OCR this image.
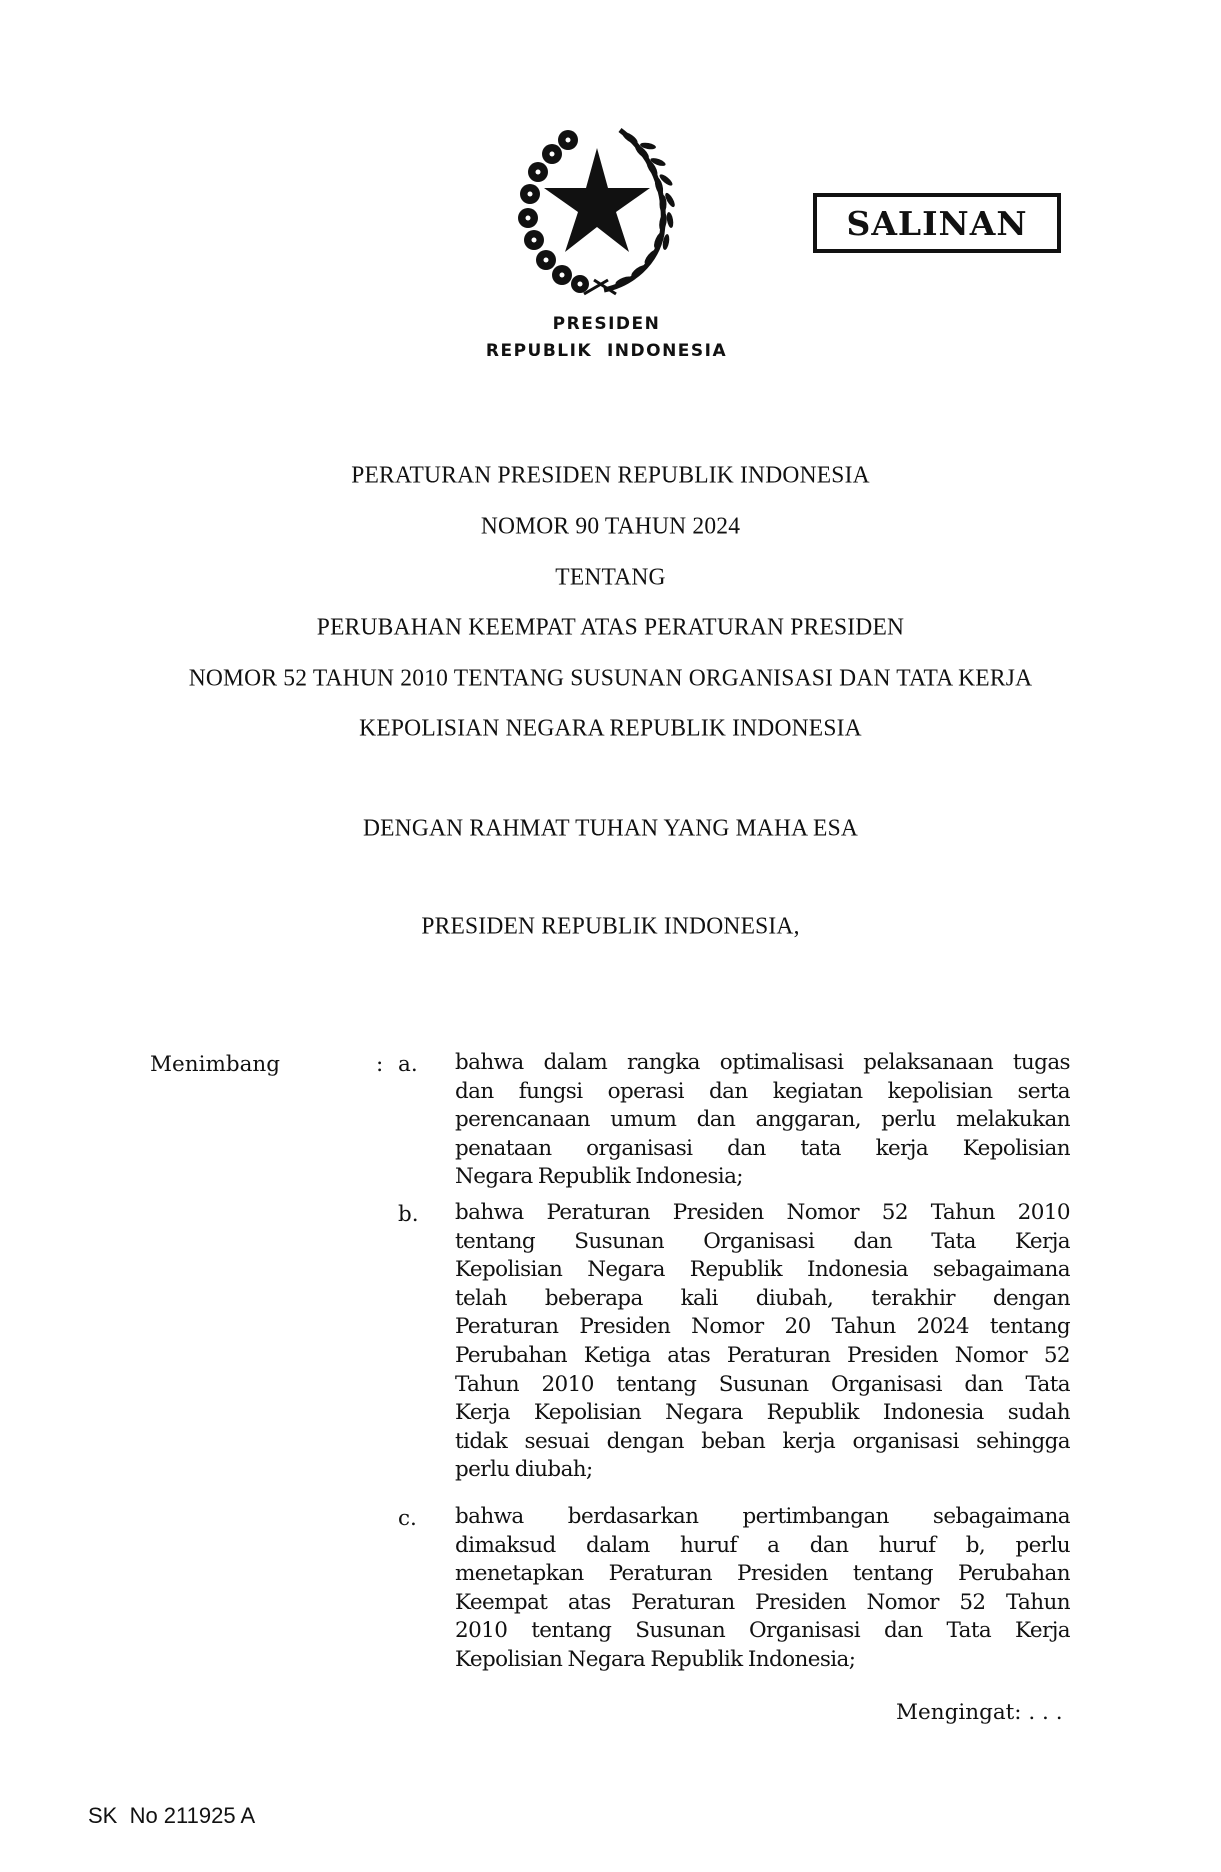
SALINAN
PRESIDEN
REPUBLIK  INDONESIA
PERATURAN PRESIDEN REPUBLIK INDONESIA
NOMOR 90 TAHUN 2024
TENTANG
PERUBAHAN KEEMPAT ATAS PERATURAN PRESIDEN
NOMOR 52 TAHUN 2010 TENTANG SUSUNAN ORGANISASI DAN TATA KERJA
KEPOLISIAN NEGARA REPUBLIK INDONESIA
DENGAN RAHMAT TUHAN YANG MAHA ESA
PRESIDEN REPUBLIK INDONESIA,
Menimbang	: a. bahwa dalam rangka optimalisasi pelaksanaan tugas
dan fungsi operasi dan kegiatan kepolisian serta
perencanaan umum dan anggaran, perlu melakukan
penataan organisasi dan tata kerja Kepolisian
Negara Republik Indonesia;
b. bahwa Peraturan Presiden Nomor 52 Tahun 2010
tentang Susunan Organisasi dan Tata Kerja
Kepolisian Negara Republik Indonesia sebagaimana
telah beberapa kali diubah, terakhir dengan
Peraturan Presiden Nomor 20 Tahun 2024 tentang
Perubahan Ketiga atas Peraturan Presiden Nomor 52
Tahun 2010 tentang Susunan Organisasi dan Tata
Kerja Kepolisian Negara Republik Indonesia sudah
tidak sesuai dengan beban kerja organisasi sehingga
perlu diubah;
c. bahwa berdasarkan pertimbangan sebagaimana
dimaksud dalam huruf a dan huruf b, perlu
menetapkan Peraturan Presiden tentang Perubahan
Keempat atas Peraturan Presiden Nomor 52 Tahun
2010 tentang Susunan Organisasi dan Tata Kerja
Kepolisian Negara Republik Indonesia;
Mengingat: . . .
SK  No 211925 A
